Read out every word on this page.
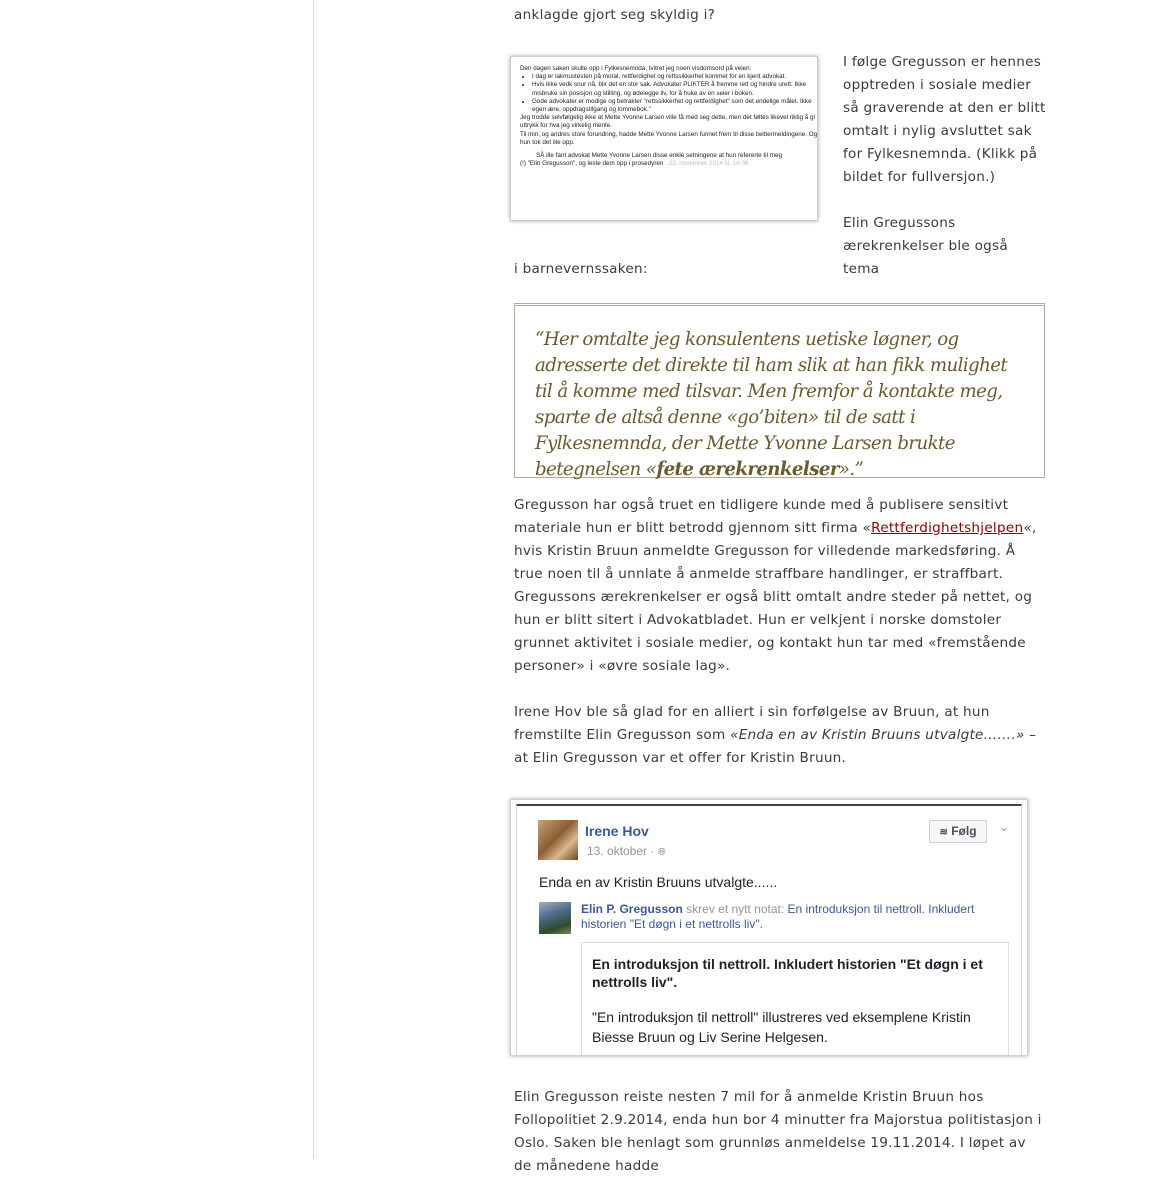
anklagde gjort seg skyldig i?

Den dagen saken skulle opp i Fylkesnemnda, tvitret jeg noen visdomsord på veien:
• I dag er lakmustesten på moral, rettferdighet og rettssikkerhet kommet for en kjent advokat.
• Hvis ikke vedk snur nå, blir det en stor sak. Advokater PLIKTER å fremme rett og hindre urett. Ikke misbruke sin posisjon og stilling, og ødelegge liv, for å huke av en seier i boken.
• Gode advokater er modige og betrakter "rettssikkerhet og rettferdighet" som det endelige målet. Ikke egen ære, oppdragstilgang og lommebok."
Jeg trodde selvfølgelig ikke at Mette Yvonne Larsen ville få med seg dette, men det føltes likevel riktig å gi uttrykk for hva jeg virkelig mente.
Til min, og andres store forundring, hadde Mette Yvonne Larsen funnet frem til disse twittermeldingene. Og hun tok det ille opp.
SÅ ille fant advokat Mette Yvonne Larsen disse enkle setningene at hun refererte til meg
(!) "Elin Gregusson", og leste dem opp i prosedyren 22. november 2014 kl. 16:38

I følge Gregusson er hennes opptreden i sosiale medier så graverende at den er blitt omtalt i nylig avsluttet sak for Fylkesnemnda. (Klikk på bildet for fullversjon.)

Elin Gregussons ærekrenkelser ble også tema

i barnevernssaken:

“Her omtalte jeg konsulentens uetiske løgner, og adresserte det direkte til ham slik at han fikk mulighet til å komme med tilsvar. Men fremfor å kontakte meg, sparte de altså denne «go’biten» til de satt i Fylkesnemnda, der Mette Yvonne Larsen brukte betegnelsen «fete ærekrenkelser».”

Gregusson har også truet en tidligere kunde med å publisere sensitivt materiale hun er blitt betrodd gjennom sitt firma «Rettferdighetshjelpen«, hvis Kristin Bruun anmeldte Gregusson for villedende markedsføring. Å true noen til å unnlate å anmelde straffbare handlinger, er straffbart.

Gregussons ærekrenkelser er også blitt omtalt andre steder på nettet, og hun er blitt sitert i Advokatbladet. Hun er velkjent i norske domstoler grunnet aktivitet i sosiale medier, og kontakt hun tar med «fremstående personer» i «øvre sosiale lag».

Irene Hov ble så glad for en alliert i sin forfølgelse av Bruun, at hun fremstilte Elin Gregusson som «Enda en av Kristin Bruuns utvalgte…….» – at Elin Gregusson var et offer for Kristin Bruun.

Irene Hov
13. oktober · 🌐︎
≋ Følg	⌄
Enda en av Kristin Bruuns utvalgte......
Elin P. Gregusson skrev et nytt notat: En introduksjon til nettroll. Inkludert historien "Et døgn i et nettrolls liv".
En introduksjon til nettroll. Inkludert historien "Et døgn i et nettrolls liv".
"En introduksjon til nettroll" illustreres ved eksemplene Kristin Biesse Bruun og Liv Serine Helgesen.

Elin Gregusson reiste nesten 7 mil for å anmelde Kristin Bruun hos Follopolitiet 2.9.2014, enda hun bor 4 minutter fra Majorstua politistasjon i Oslo. Saken ble henlagt som grunnløs anmeldelse 19.11.2014. I løpet av de månedene hadde
